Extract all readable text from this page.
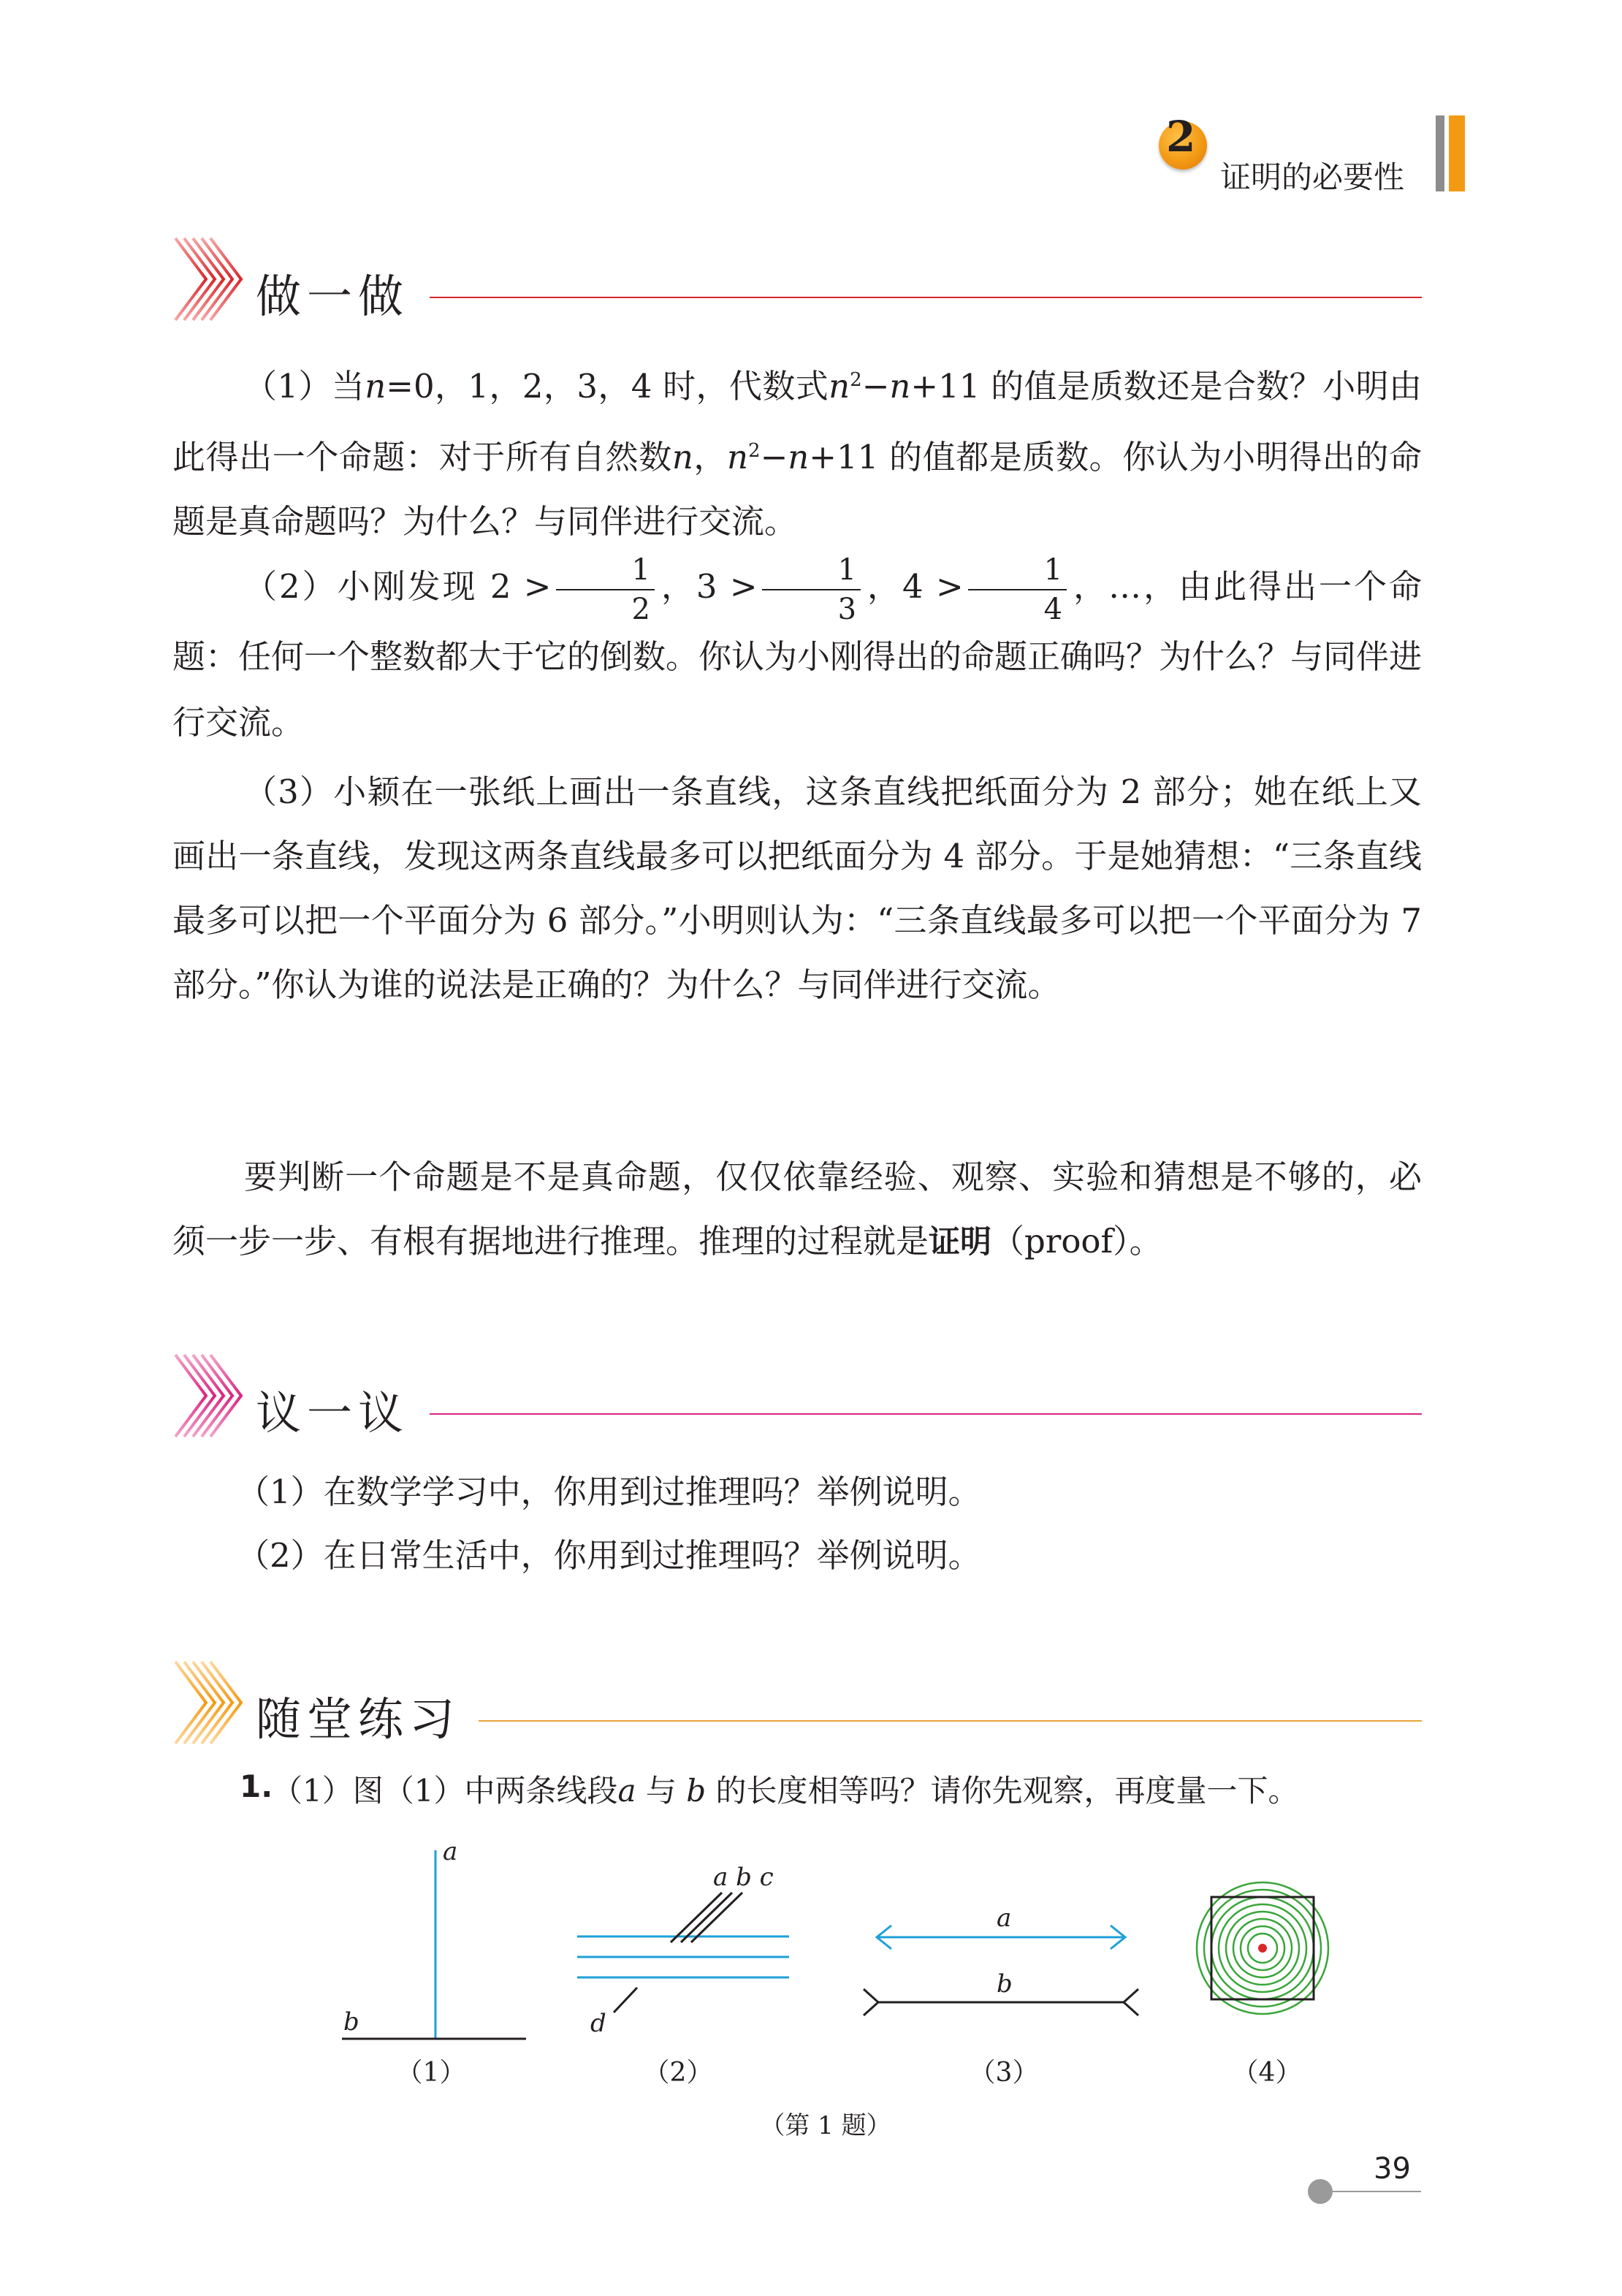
2
证明的必要性
做一做

（1）当n=0，1，2，3，4 时，代数式$n^2-n+11$ 的值是质数还是合数？小明由此得出一个命题：对于所有自然数n，$n^2-n+11$ 的值都是质数。你认为小明得出的命题是真命题吗？为什么？与同伴进行交流。

（2）小刚发现 $2 > \frac{1}{2}$ ，$3 > \frac{1}{3}$ ，$4 > \frac{1}{4}$ ，…，由此得出一个命题：任何一个整数都大于它的倒数。你认为小刚得出的命题正确吗？为什么？与同伴进行交流。

（3）小颖在一张纸上画出一条直线，这条直线把纸面分为 2 部分；她在纸上又画出一条直线，发现这两条直线最多可以把纸面分为 4 部分。于是她猜想：“三条直线最多可以把一个平面分为 6 部分。”小明则认为：“三条直线最多可以把一个平面分为 7 部分。”你认为谁的说法是正确的？为什么？与同伴进行交流。

要判断一个命题是不是真命题，仅仅依靠经验、观察、实验和猜想是不够的，必须一步一步、有根有据地进行推理。推理的过程就是证明（proof）。

议一议

（1）在数学学习中，你用到过推理吗？举例说明。

（2）在日常生活中，你用到过推理吗？举例说明。

随堂练习
1.
（1）图（1）中两条线段a 与 b 的长度相等吗？请你先观察，再度量一下。
a
b
a b c
d
a
b
（1）	（2）	（3）	（4）
（第 1 题）
39
